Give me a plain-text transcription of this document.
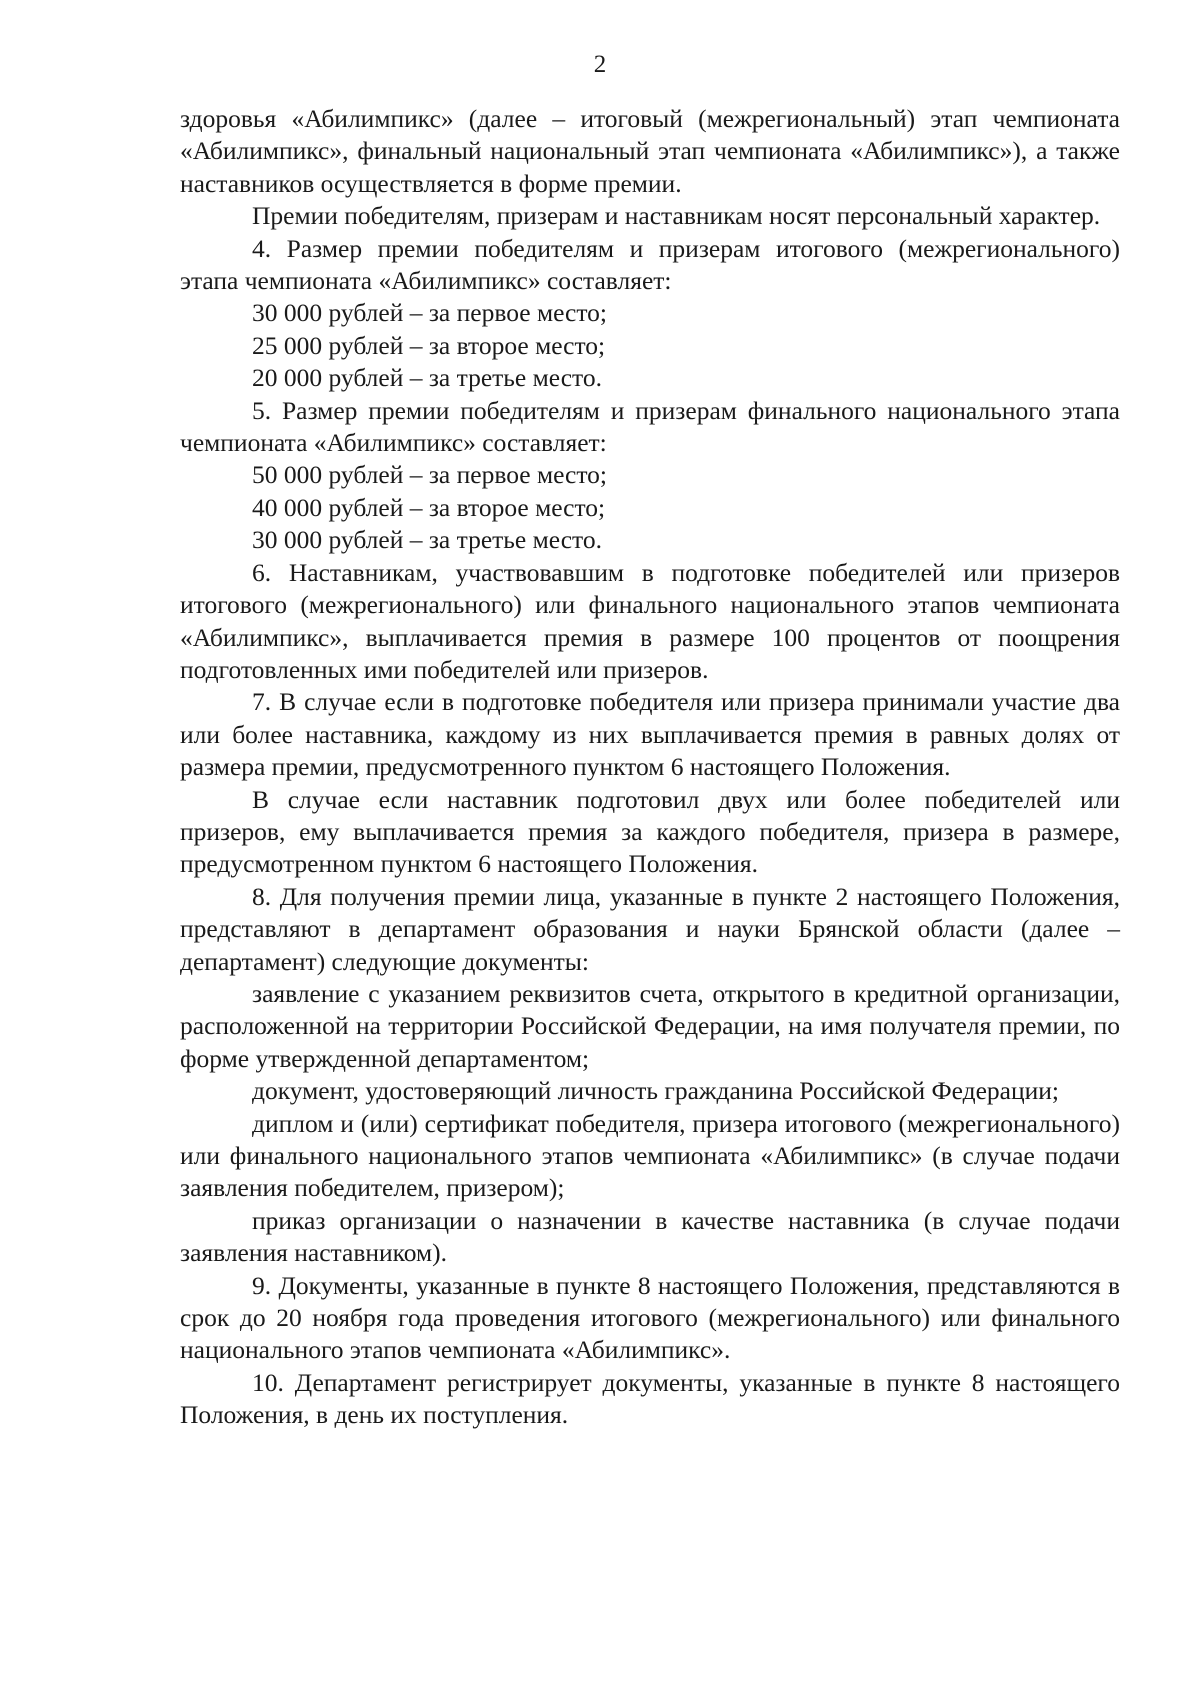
2

здоровья «Абилимпикс» (далее – итоговый (межрегиональный) этап чемпионата «Абилимпикс», финальный национальный этап чемпионата «Абилимпикс»), а также наставников осуществляется в форме премии.

Премии победителям, призерам и наставникам носят персональный характер.

4. Размер премии победителям и призерам итогового (межрегионального) этапа чемпионата «Абилимпикс» составляет:

30 000 рублей – за первое место;

25 000 рублей – за второе место;

20 000 рублей – за третье место.

5. Размер премии победителям и призерам финального национального этапа чемпионата «Абилимпикс» составляет:

50 000 рублей – за первое место;

40 000 рублей – за второе место;

30 000 рублей – за третье место.

6. Наставникам, участвовавшим в подготовке победителей или призеров итогового (межрегионального) или финального национального этапов чемпионата «Абилимпикс», выплачивается премия в размере 100 процентов от поощрения подготовленных ими победителей или призеров.

7. В случае если в подготовке победителя или призера принимали участие два или более наставника, каждому из них выплачивается премия в равных долях от размера премии, предусмотренного пунктом 6 настоящего Положения.

В случае если наставник подготовил двух или более победителей или призеров, ему выплачивается премия за каждого победителя, призера в размере, предусмотренном пунктом 6 настоящего Положения.

8. Для получения премии лица, указанные в пункте 2 настоящего Положения, представляют в департамент образования и науки Брянской области (далее – департамент) следующие документы:

заявление с указанием реквизитов счета, открытого в кредитной организации, расположенной на территории Российской Федерации, на имя получателя премии, по форме утвержденной департаментом;

документ, удостоверяющий личность гражданина Российской Федерации;

диплом и (или) сертификат победителя, призера итогового (межрегионального) или финального национального этапов чемпионата «Абилимпикс» (в случае подачи заявления победителем, призером);

приказ организации о назначении в качестве наставника (в случае подачи заявления наставником).

9. Документы, указанные в пункте 8 настоящего Положения, представляются в срок до 20 ноября года проведения итогового (межрегионального) или финального национального этапов чемпионата «Абилимпикс».

10. Департамент регистрирует документы, указанные в пункте 8 настоящего Положения, в день их поступления.
